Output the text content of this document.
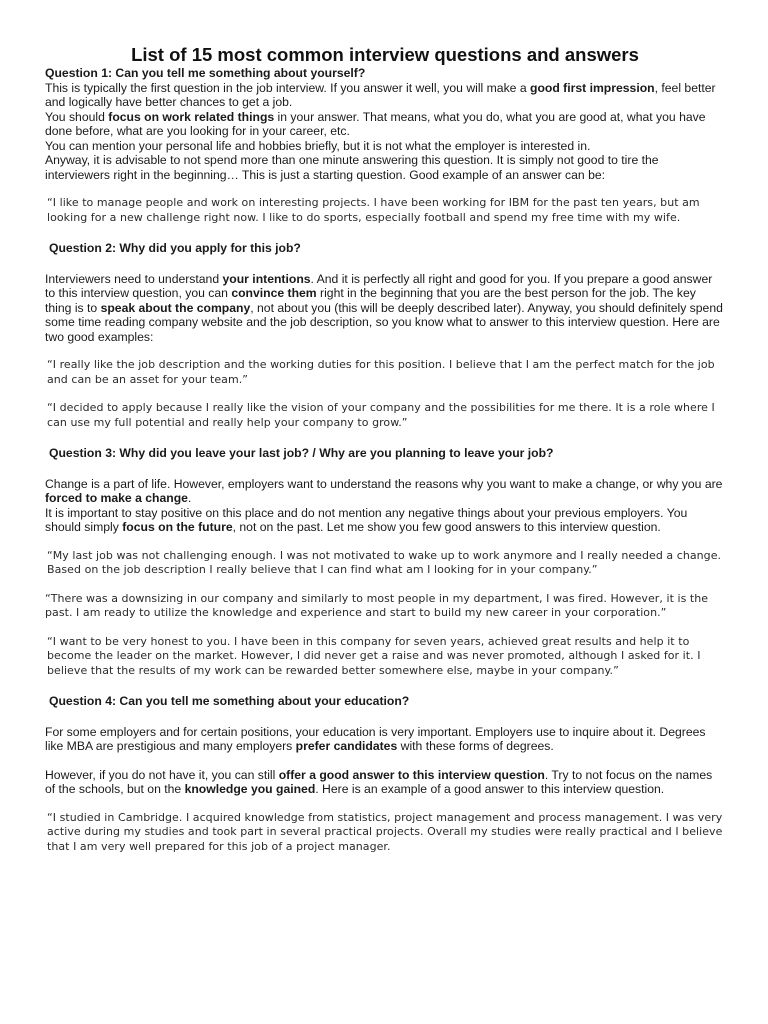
List of 15 most common interview questions and answers
Question 1: Can you tell me something about yourself?

This is typically the first question in the job interview. If you answer it well, you will make a good first impression, feel better and logically have better chances to get a job.

You should focus on work related things in your answer. That means, what you do, what you are good at, what you have done before, what are you looking for in your career, etc.

You can mention your personal life and hobbies briefly, but it is not what the employer is interested in.

Anyway, it is advisable to not spend more than one minute answering this question. It is simply not good to tire the interviewers right in the beginning… This is just a starting question. Good example of an answer can be:

“I like to manage people and work on interesting projects. I have been working for IBM for the past ten years, but am looking for a new challenge right now. I like to do sports, especially football and spend my free time with my wife.

Question 2: Why did you apply for this job?

Interviewers need to understand your intentions. And it is perfectly all right and good for you. If you prepare a good answer to this interview question, you can convince them right in the beginning that you are the best person for the job. The key thing is to speak about the company, not about you (this will be deeply described later). Anyway, you should definitely spend some time reading company website and the job description, so you know what to answer to this interview question. Here are two good examples:

“I really like the job description and the working duties for this position. I believe that I am the perfect match for the job and can be an asset for your team.”

“I decided to apply because I really like the vision of your company and the possibilities for me there. It is a role where I can use my full potential and really help your company to grow.”

Question 3: Why did you leave your last job? / Why are you planning to leave your job?

Change is a part of life. However, employers want to understand the reasons why you want to make a change, or why you are forced to make a change.

It is important to stay positive on this place and do not mention any negative things about your previous employers. You should simply focus on the future, not on the past. Let me show you few good answers to this interview question.

“My last job was not challenging enough. I was not motivated to wake up to work anymore and I really needed a change. Based on the job description I really believe that I can find what am I looking for in your company.”

“There was a downsizing in our company and similarly to most people in my department, I was fired. However, it is the past. I am ready to utilize the knowledge and experience and start to build my new career in your corporation.”

“I want to be very honest to you. I have been in this company for seven years, achieved great results and help it to become the leader on the market. However, I did never get a raise and was never promoted, although I asked for it. I believe that the results of my work can be rewarded better somewhere else, maybe in your company.”

Question 4: Can you tell me something about your education?

For some employers and for certain positions, your education is very important. Employers use to inquire about it. Degrees like MBA are prestigious and many employers prefer candidates with these forms of degrees.

However, if you do not have it, you can still offer a good answer to this interview question. Try to not focus on the names of the schools, but on the knowledge you gained. Here is an example of a good answer to this interview question.

“I studied in Cambridge. I acquired knowledge from statistics, project management and process management. I was very active during my studies and took part in several practical projects. Overall my studies were really practical and I believe that I am very well prepared for this job of a project manager.
